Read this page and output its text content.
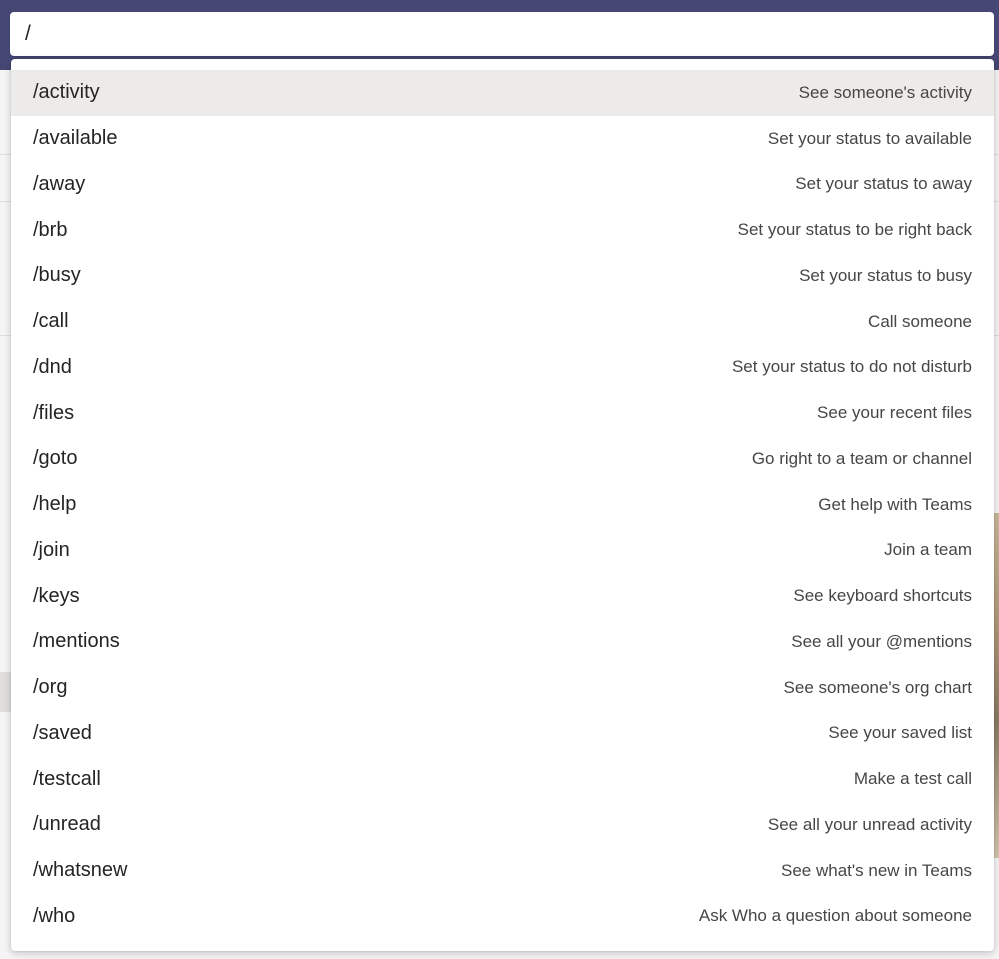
/
/activity	See someone's activity
/available	Set your status to available
/away	Set your status to away
/brb	Set your status to be right back
/busy	Set your status to busy
/call	Call someone
/dnd	Set your status to do not disturb
/files	See your recent files
/goto	Go right to a team or channel
/help	Get help with Teams
/join	Join a team
/keys	See keyboard shortcuts
/mentions	See all your @mentions
/org	See someone's org chart
/saved	See your saved list
/testcall	Make a test call
/unread	See all your unread activity
/whatsnew	See what's new in Teams
/who	Ask Who a question about someone
